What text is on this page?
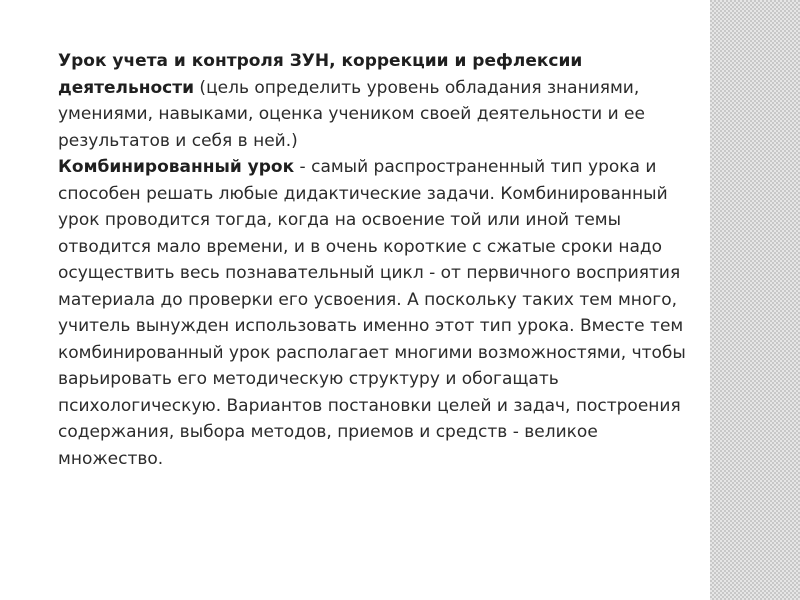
Урок учета и контроля ЗУН, коррекции и рефлексии деятельности (цель определить уровень обладания знаниями, умениями, навыками, оценка учеником своей деятельности и ее результатов и себя в ней.)

Комбинированный урок - самый распространенный тип урока и способен решать любые дидактические задачи. Комбинированный урок проводится тогда, когда на освоение той или иной темы отводится мало времени, и в очень короткие с сжатые сроки надо осуществить весь познавательный цикл - от первичного восприятия материала до проверки его усвоения. А поскольку таких тем много, учитель вынужден использовать именно этот тип урока. Вместе тем комбинированный урок располагает многими возможностями, чтобы варьировать его методическую структуру и обогащать психологическую. Вариантов постановки целей и задач, построения содержания, выбора методов, приемов и средств - великое множество.
